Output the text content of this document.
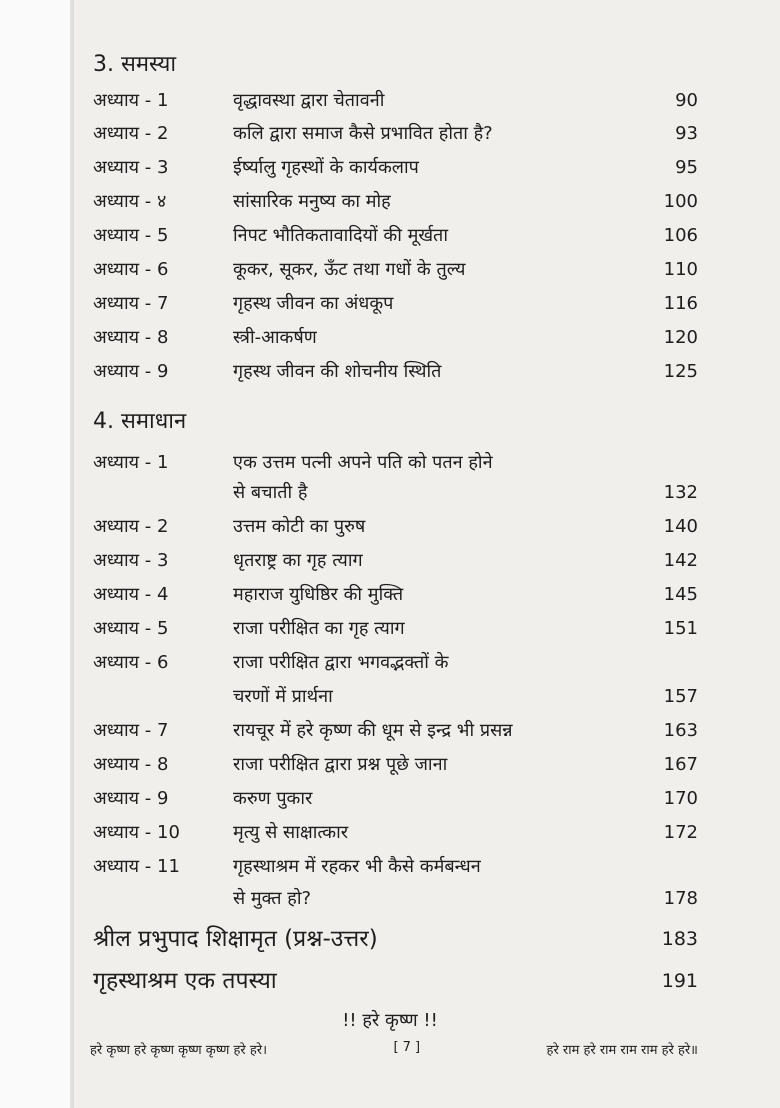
3. समस्या
अध्याय - 1	वृद्धावस्था द्वारा चेतावनी	90
अध्याय - 2	कलि द्वारा समाज कैसे प्रभावित होता है?	93
अध्याय - 3	ईर्ष्यालु गृहस्थों के कार्यकलाप	95
अध्याय - ४	सांसारिक मनुष्य का मोह	100
अध्याय - 5	निपट भौतिकतावादियों की मूर्खता	106
अध्याय - 6	कूकर, सूकर, ऊँट तथा गधों के तुल्य	110
अध्याय - 7	गृहस्थ जीवन का अंधकूप	116
अध्याय - 8	स्त्री-आकर्षण	120
अध्याय - 9	गृहस्थ जीवन की शोचनीय स्थिति	125
4. समाधान
अध्याय - 1	एक उत्तम पत्नी अपने पति को पतन होने
से बचाती है	132
अध्याय - 2	उत्तम कोटी का पुरुष	140
अध्याय - 3	धृतराष्ट्र का गृह त्याग	142
अध्याय - 4	महाराज युधिष्ठिर की मुक्ति	145
अध्याय - 5	राजा परीक्षित का गृह त्याग	151
अध्याय - 6	राजा परीक्षित द्वारा भगवद्भक्तों के
चरणों में प्रार्थना	157
अध्याय - 7	रायचूर में हरे कृष्ण की धूम से इन्द्र भी प्रसन्न	163
अध्याय - 8	राजा परीक्षित द्वारा प्रश्न पूछे जाना	167
अध्याय - 9	करुण पुकार	170
अध्याय - 10	मृत्यु से साक्षात्कार	172
अध्याय - 11	गृहस्थाश्रम में रहकर भी कैसे कर्मबन्धन
से मुक्त हो?	178
श्रील प्रभुपाद शिक्षामृत (प्रश्न-उत्तर)	183
गृहस्थाश्रम एक तपस्या	191
!! हरे कृष्ण !!
हरे कृष्ण हरे कृष्ण कृष्ण कृष्ण हरे हरे।	[ 7 ]	हरे राम हरे राम राम राम हरे हरे॥
